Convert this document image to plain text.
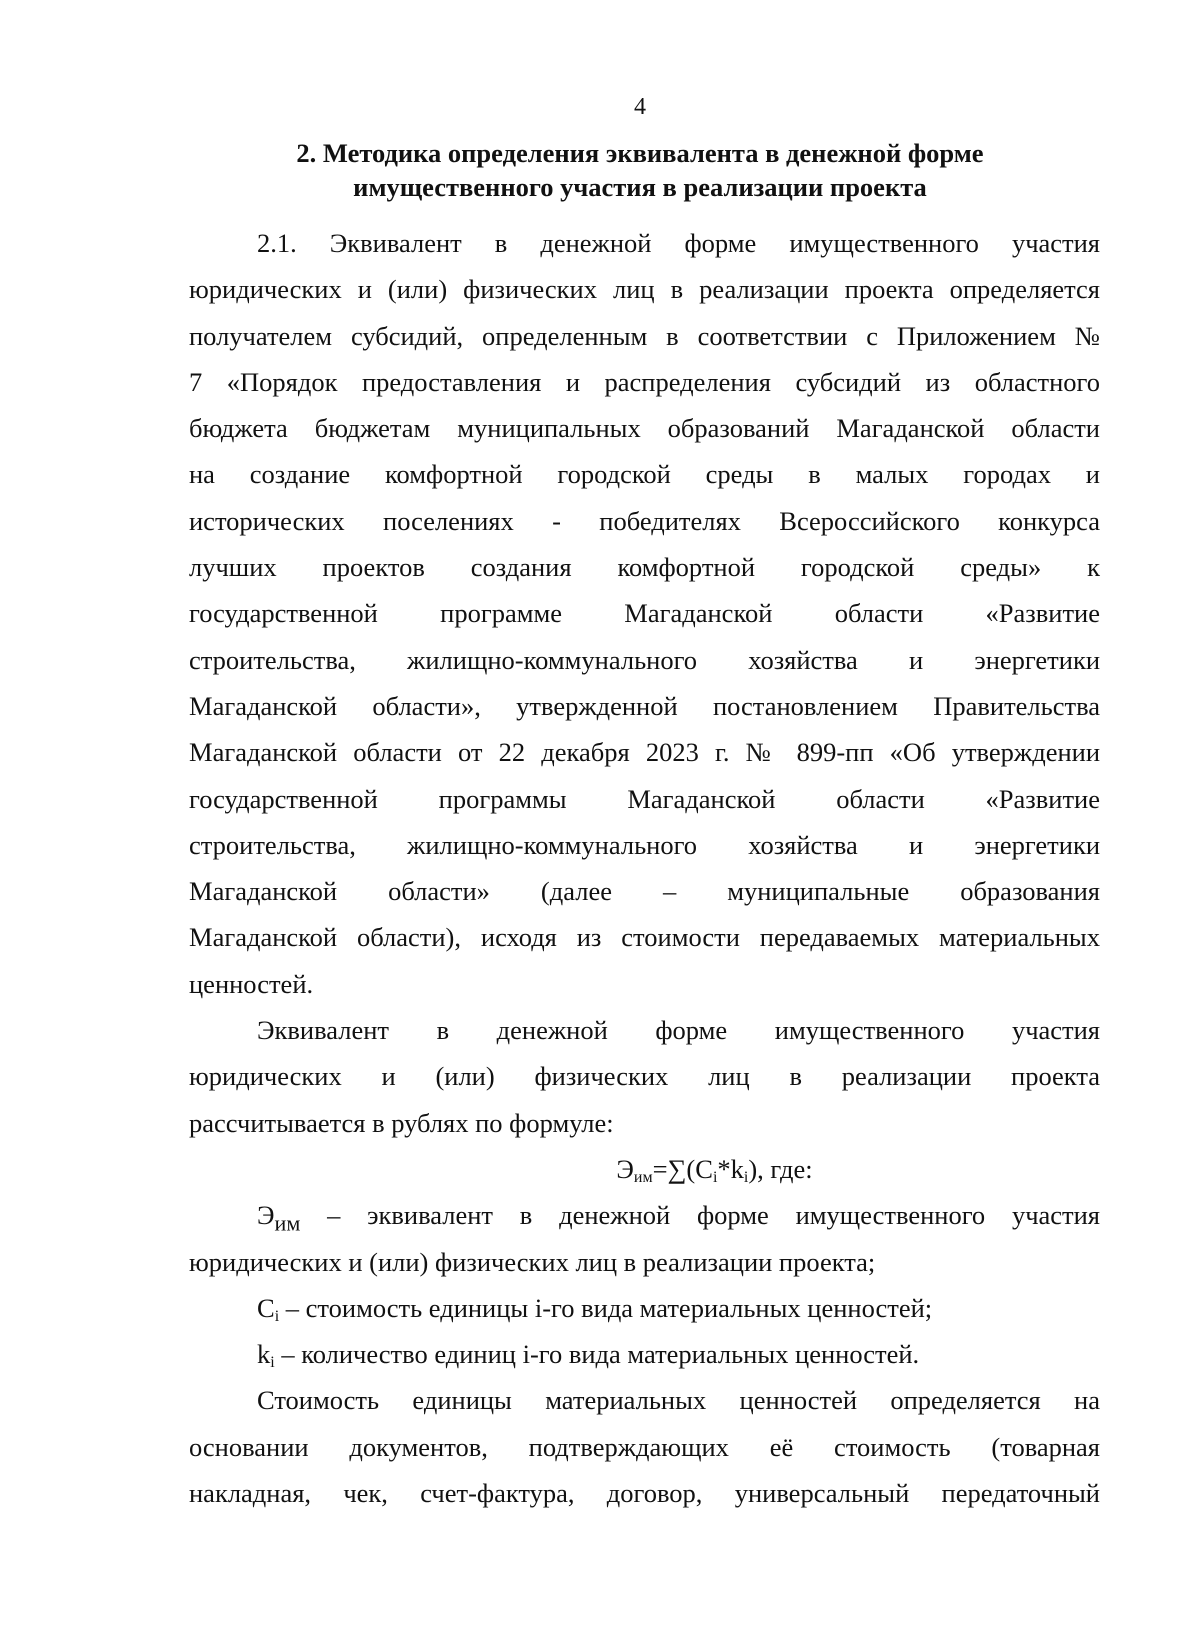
4
2. Методика определения эквивалента в денежной форме
имущественного участия в реализации проекта

2.1. Эквивалент в денежной форме имущественного участия

юридических и (или) физических лиц в реализации проекта определяется

получателем субсидий, определенным в соответствии с Приложением №

7 «Порядок предоставления и распределения субсидий из областного

бюджета бюджетам муниципальных образований Магаданской области

на создание комфортной городской среды в малых городах и

исторических поселениях - победителях Всероссийского конкурса

лучших проектов создания комфортной городской среды» к

государственной программе Магаданской области «Развитие

строительства, жилищно-коммунального хозяйства и энергетики

Магаданской области», утвержденной постановлением Правительства

Магаданской области от 22 декабря 2023 г. № 899-пп «Об утверждении

государственной программы Магаданской области «Развитие

строительства, жилищно-коммунального хозяйства и энергетики

Магаданской области» (далее – муниципальные образования

Магаданской области), исходя из стоимости передаваемых материальных

ценностей.

Эквивалент в денежной форме имущественного участия

юридических и (или) физических лиц в реализации проекта

рассчитывается в рублях по формуле:

$Э_{им}=\sum(C_i*k_i)$, где:

$Э_{им}$ – эквивалент в денежной форме имущественного участия

юридических и (или) физических лиц в реализации проекта;

$C_i$ – стоимость единицы i-го вида материальных ценностей;

$k_i$ – количество единиц i-го вида материальных ценностей.

Стоимость единицы материальных ценностей определяется на

основании документов, подтверждающих её стоимость (товарная

накладная, чек, счет-фактура, договор, универсальный передаточный
